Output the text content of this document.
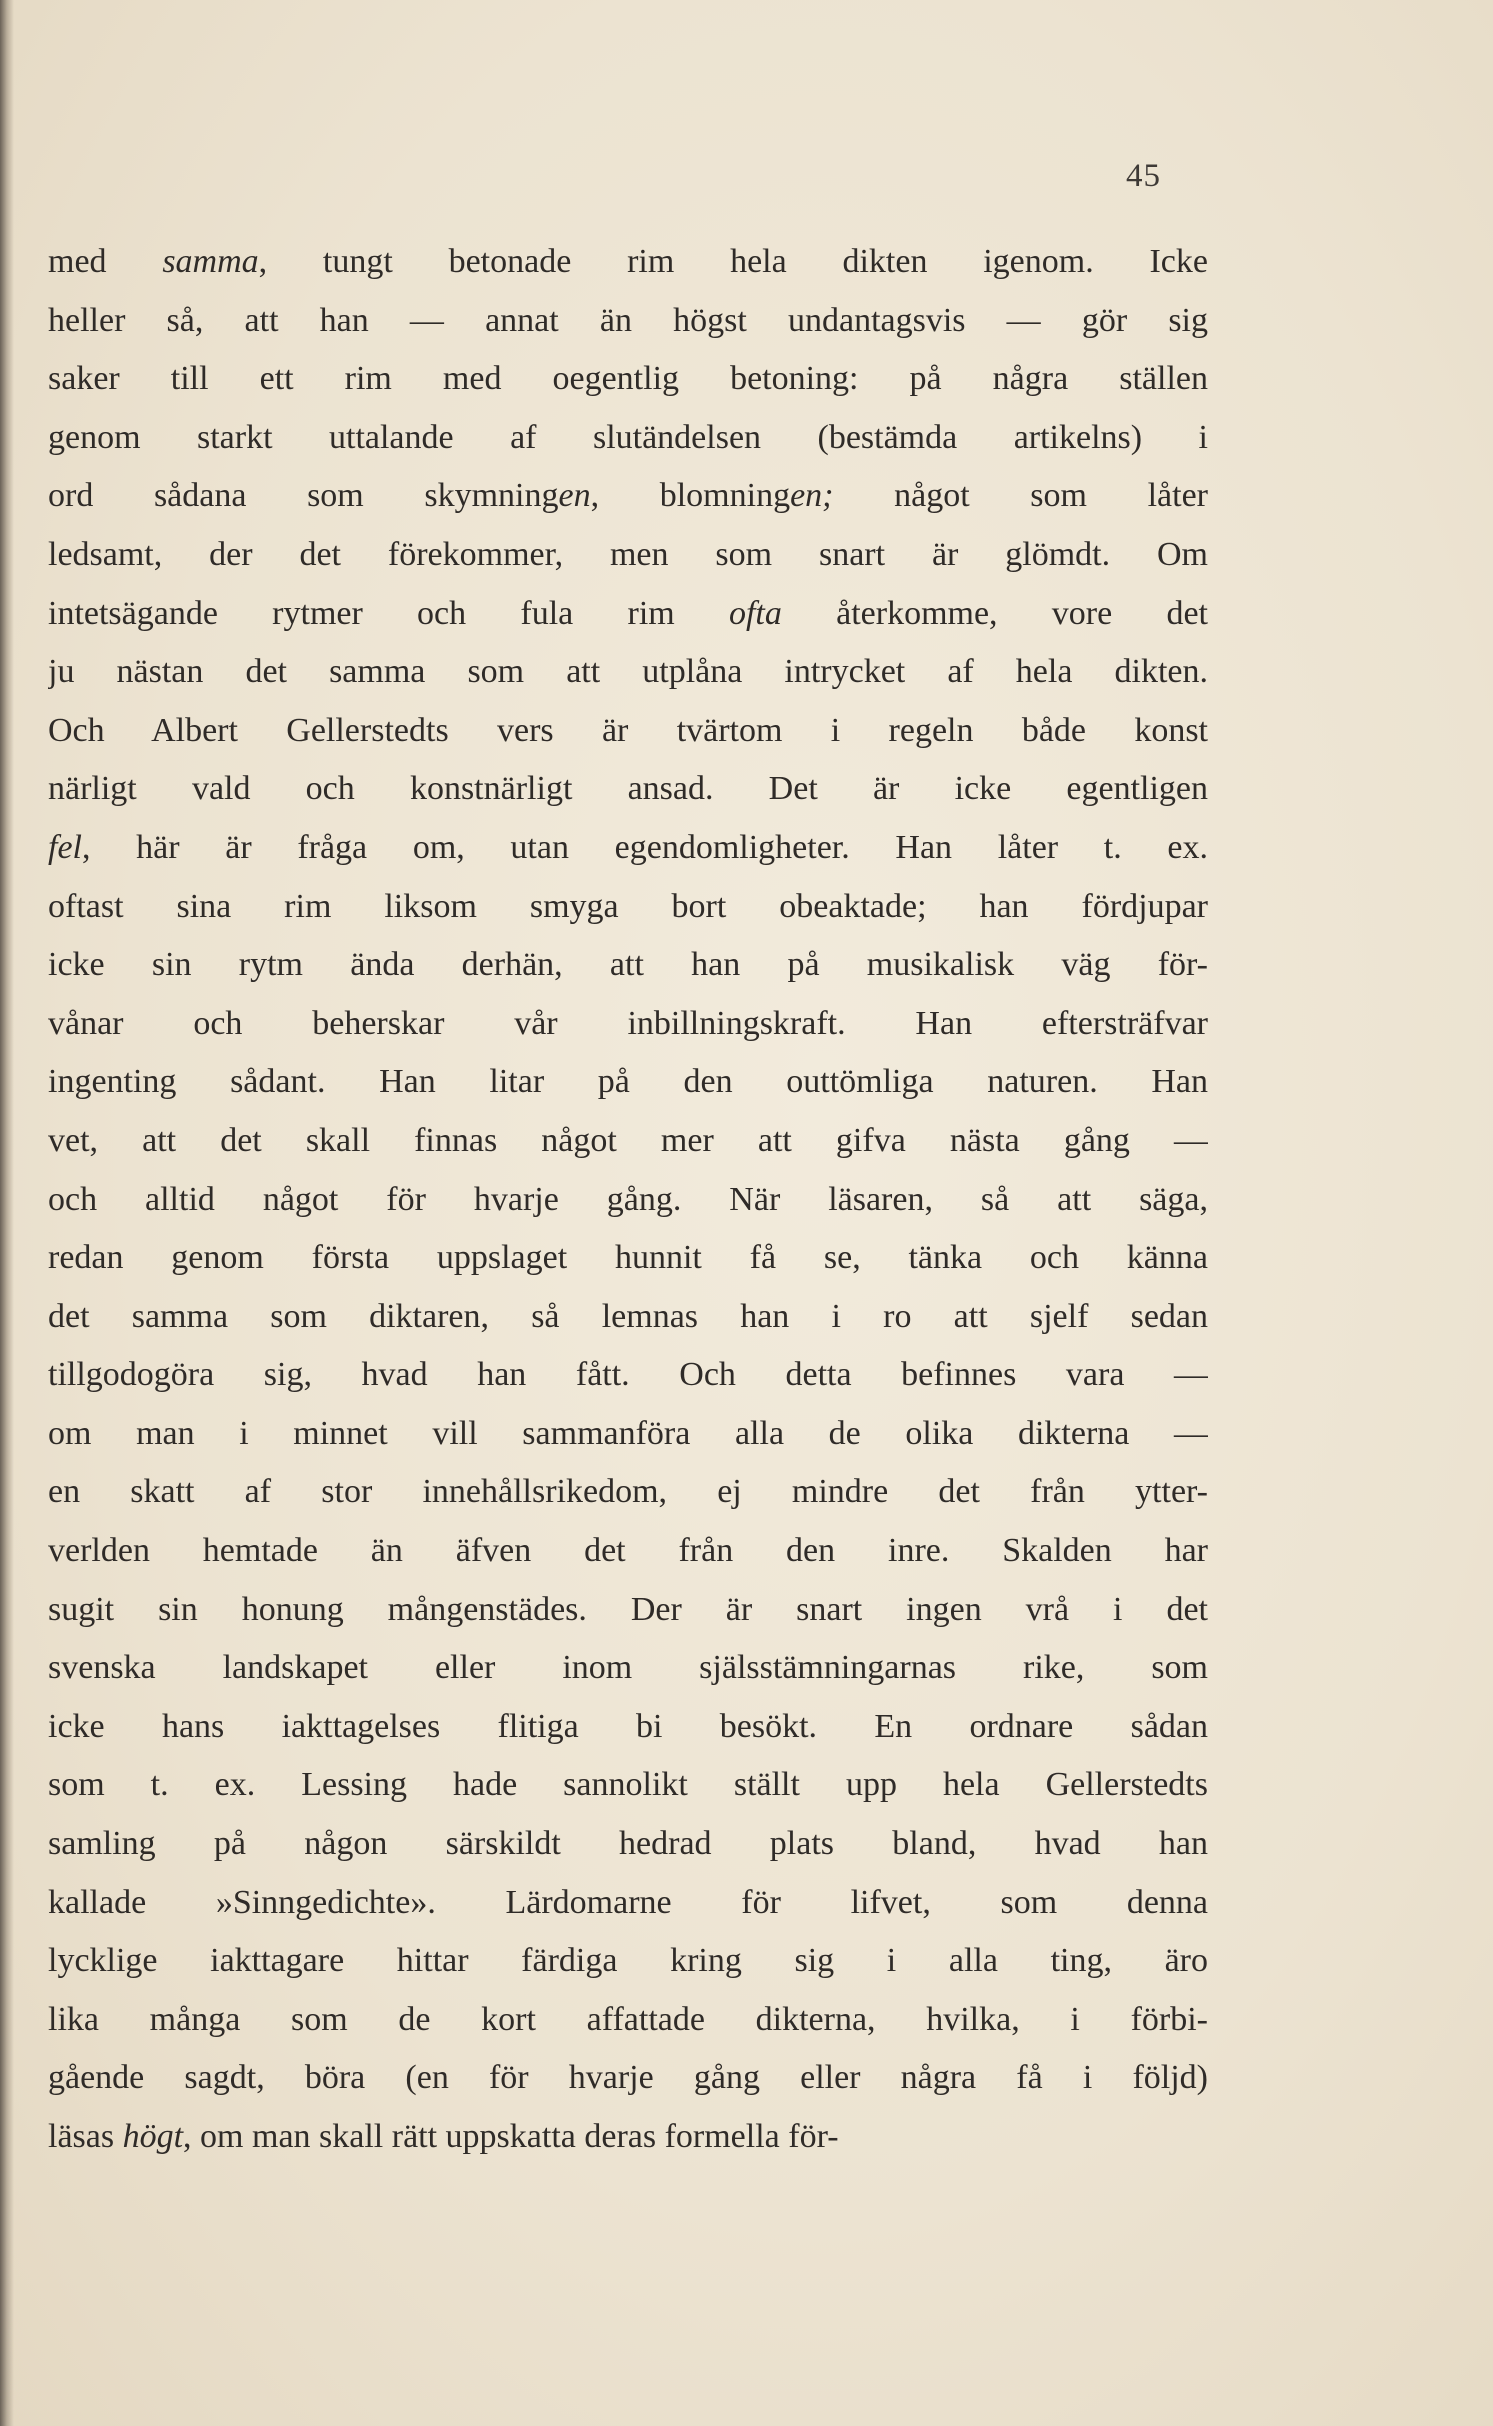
45
med samma, tungt betonade rim hela dikten igenom. Icke
heller så, att han — annat än högst undantagsvis — gör sig
saker till ett rim med oegentlig betoning: på några ställen
genom starkt uttalande af slutändelsen (bestämda artikelns) i
ord sådana som skymningen, blomningen; något som låter
ledsamt, der det förekommer, men som snart är glömdt. Om
intetsägande rytmer och fula rim ofta återkomme, vore det
ju nästan det samma som att utplåna intrycket af hela dikten.
Och Albert Gellerstedts vers är tvärtom i regeln både konst
närligt vald och konstnärligt ansad. Det är icke egentligen
fel, här är fråga om, utan egendomligheter. Han låter t. ex.
oftast sina rim liksom smyga bort obeaktade; han fördjupar
icke sin rytm ända derhän, att han på musikalisk väg för-
vånar och beherskar vår inbillningskraft. Han eftersträfvar
ingenting sådant. Han litar på den outtömliga naturen. Han
vet, att det skall finnas något mer att gifva nästa gång —
och alltid något för hvarje gång. När läsaren, så att säga,
redan genom första uppslaget hunnit få se, tänka och känna
det samma som diktaren, så lemnas han i ro att sjelf sedan
tillgodogöra sig, hvad han fått. Och detta befinnes vara —
om man i minnet vill sammanföra alla de olika dikterna —
en skatt af stor innehållsrikedom, ej mindre det från ytter-
verlden hemtade än äfven det från den inre. Skalden har
sugit sin honung mångenstädes. Der är snart ingen vrå i det
svenska landskapet eller inom själsstämningarnas rike, som
icke hans iakttagelses flitiga bi besökt. En ordnare sådan
som t. ex. Lessing hade sannolikt ställt upp hela Gellerstedts
samling på någon särskildt hedrad plats bland, hvad han
kallade »Sinngedichte». Lärdomarne för lifvet, som denna
lycklige iakttagare hittar färdiga kring sig i alla ting, äro
lika många som de kort affattade dikterna, hvilka, i förbi-
gående sagdt, böra (en för hvarje gång eller några få i följd)
läsas högt, om man skall rätt uppskatta deras formella för-
